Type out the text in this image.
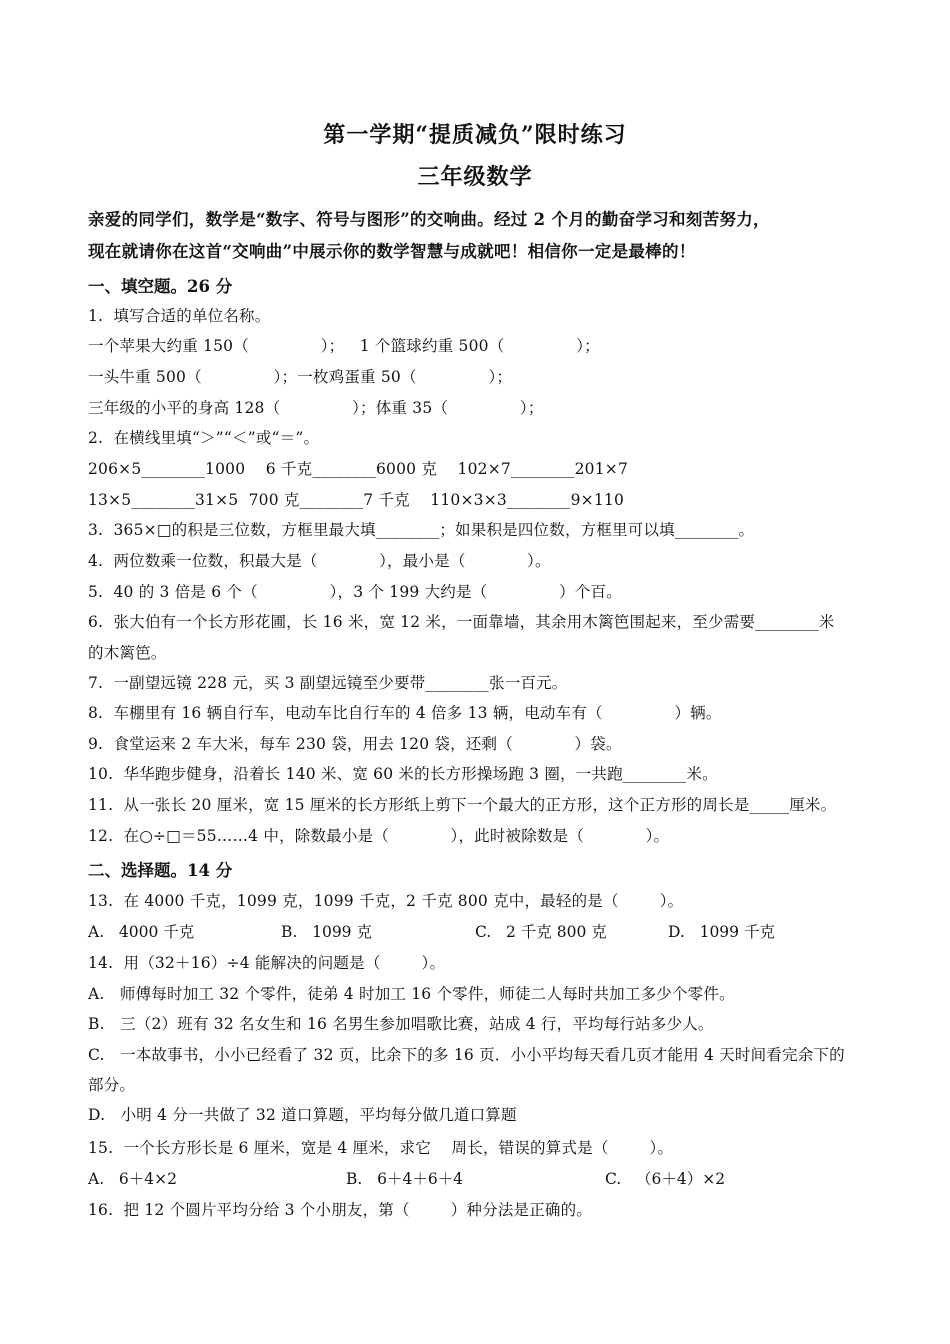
第一学期“提质减负”限时练习
三年级数学
亲爱的同学们，数学是“数字、符号与图形”的交响曲。经过 2 个月的勤奋学习和刻苦努力，
现在就请你在这首“交响曲”中展示你的数学智慧与成就吧！相信你一定是最棒的！
一、填空题。26 分
1.  填写合适的单位名称。
一个苹果大约重 150（              ）；   1 个篮球约重 500（              ）；
一头牛重 500（              ）；一枚鸡蛋重 50（              ）；
三年级的小平的身高 128（              ）；体重 35（              ）；
2.  在横线里填“＞”“＜”或“＝”。
206×5________1000    6 千克________6000 克    102×7________201×7
13×5________31×5  700 克________7 千克    110×3×3________9×110
3.  365×□的积是三位数，方框里最大填________；如果积是四位数，方框里可以填________。
4.  两位数乘一位数，积最大是（            ），最小是（            ）。
5.  40 的 3 倍是 6 个（              ），3 个 199 大约是（              ）个百。
6.  张大伯有一个长方形花圃，长 16 米，宽 12 米，一面靠墙，其余用木篱笆围起来，至少需要________米
的木篱笆。
7.  一副望远镜 228 元，买 3 副望远镜至少要带________张一百元。
8.  车棚里有 16 辆自行车，电动车比自行车的 4 倍多 13 辆，电动车有（              ）辆。
9.  食堂运来 2 车大米，每车 230 袋，用去 120 袋，还剩（            ）袋。
10.  华华跑步健身，沿着长 140 米、宽 60 米的长方形操场跑 3 圈，一共跑________米。
11.  从一张长 20 厘米，宽 15 厘米的长方形纸上剪下一个最大的正方形，这个正方形的周长是_____厘米。
12.  在○÷□＝55……4 中，除数最小是（            ），此时被除数是（            ）。
二、选择题。14 分
13.  在 4000 千克，1099 克，1099 千克，2 千克 800 克中，最轻的是（        ）。
A.   4000 千克	B.   1099 克	C.   2 千克 800 克	D.   1099 千克
14.  用（32＋16）÷4 能解决的问题是（        ）。
A.   师傅每时加工 32 个零件，徒弟 4 时加工 16 个零件，师徒二人每时共加工多少个零件。
B.   三（2）班有 32 名女生和 16 名男生参加唱歌比赛，站成 4 行，平均每行站多少人。
C.   一本故事书，小小已经看了 32 页，比余下的多 16 页．小小平均每天看几页才能用 4 天时间看完余下的
部分。
D.   小明 4 分一共做了 32 道口算题，平均每分做几道口算题
15.  一个长方形长是 6 厘米，宽是 4 厘米，求它    周长，错误的算式是（        ）。
A.   6＋4×2	B.   6＋4＋6＋4	C.   （6＋4）×2
16.  把 12 个圆片平均分给 3 个小朋友，第（        ）种分法是正确的。
